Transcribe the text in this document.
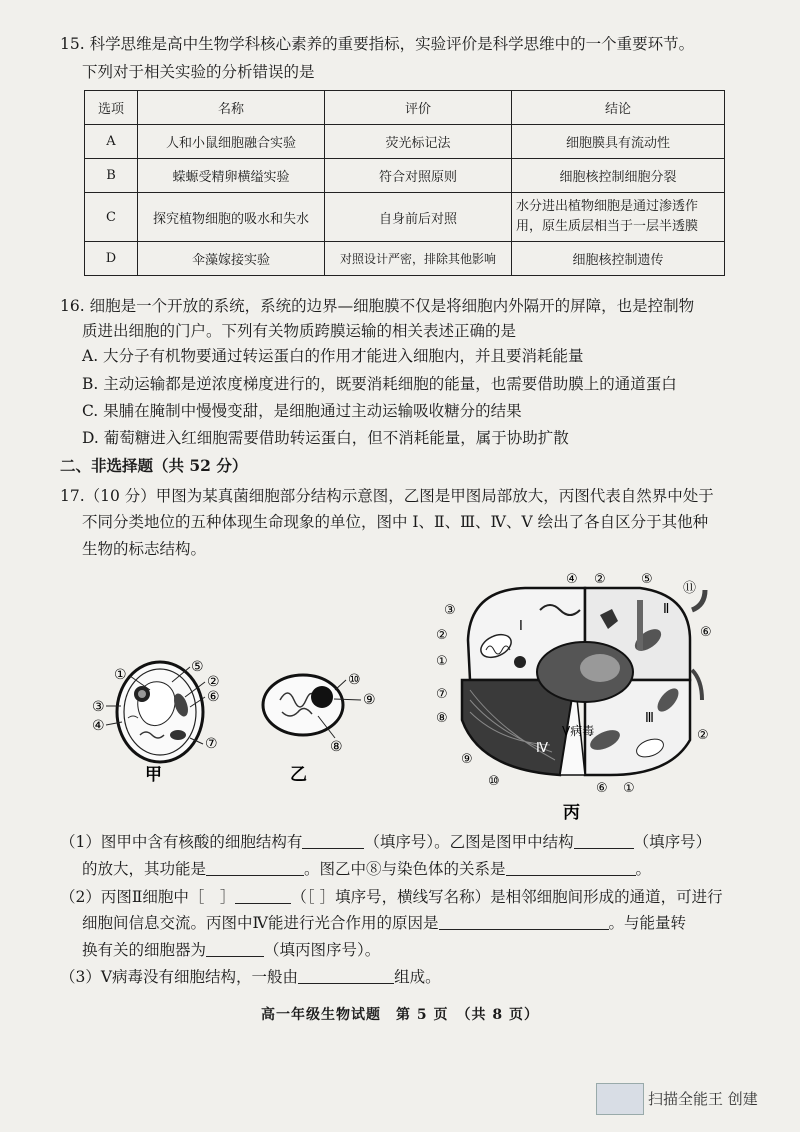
15. 科学思维是高中生物学科核心素养的重要指标，实验评价是科学思维中的一个重要环节。
下列对于相关实验的分析错误的是
选项	名称	评价	结论
A	人和小鼠细胞融合实验	荧光标记法	细胞膜具有流动性
B	蝾螈受精卵横缢实验	符合对照原则	细胞核控制细胞分裂
C	探究植物细胞的吸水和失水	自身前后对照	水分进出植物细胞是通过渗透作
用，原生质层相当于一层半透膜

D	伞藻嫁接实验	对照设计严密，排除其他影响	细胞核控制遗传
16. 细胞是一个开放的系统，系统的边界—细胞膜不仅是将细胞内外隔开的屏障，也是控制物
质进出细胞的门户。下列有关物质跨膜运输的相关表述正确的是
A. 大分子有机物要通过转运蛋白的作用才能进入细胞内，并且要消耗能量
B. 主动运输都是逆浓度梯度进行的，既要消耗细胞的能量，也需要借助膜上的通道蛋白
C. 果脯在腌制中慢慢变甜，是细胞通过主动运输吸收糖分的结果
D. 葡萄糖进入红细胞需要借助转运蛋白，但不消耗能量，属于协助扩散
二、非选择题（共 52 分）
17.（10 分）甲图为某真菌细胞部分结构示意图，乙图是甲图局部放大，丙图代表自然界中处于
不同分类地位的五种体现生命现象的单位，图中 Ⅰ、Ⅱ、Ⅲ、Ⅳ、Ⅴ 绘出了各自区分于其他种
生物的标志结构。
①
③
④
⑤
②
⑥
⑦
甲
⑩
⑨
⑧
乙
Ⅰ
Ⅱ
Ⅲ
Ⅳ
Ⅴ病毒
④ ②	⑤
⑪
③
②
①
⑥
⑦
⑧
②
⑨
⑩	⑥ ①
丙
（1）图甲中含有核酸的细胞结构有	（填序号）。乙图是图甲中结构	（填序号）
的放大，其功能是	。图乙中⑧与染色体的关系是	。
（2）丙图Ⅱ细胞中［　］	（［ ］填序号，横线写名称）是相邻细胞间形成的通道，可进行
细胞间信息交流。丙图中Ⅳ能进行光合作用的原因是	。与能量转
换有关的细胞器为	（填丙图序号）。
（3）Ⅴ病毒没有细胞结构，一般由	组成。
高一年级生物试题　第 5 页　（共 8 页）
扫描全能王 创建
